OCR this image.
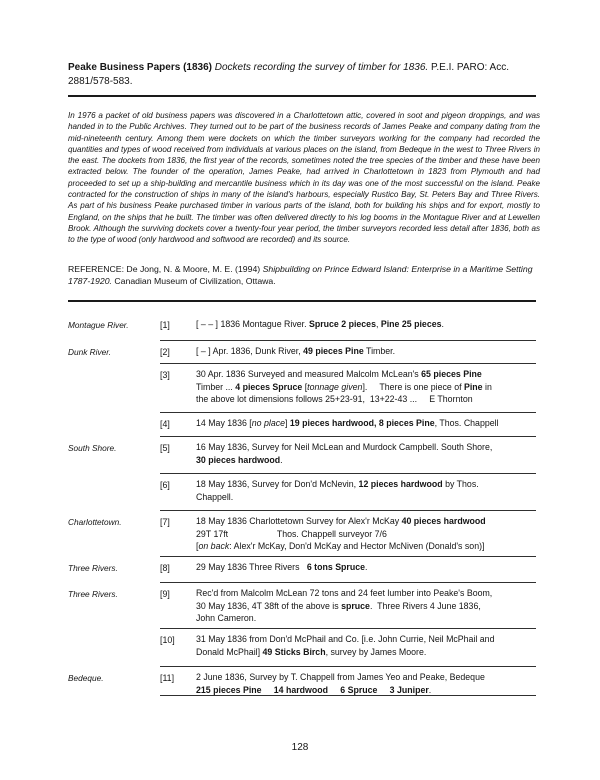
Peake Business Papers (1836) Dockets recording the survey of timber for 1836. P.E.I. PARO: Acc. 2881/578-583.
In 1976 a packet of old business papers was discovered in a Charlottetown attic, covered in soot and pigeon droppings, and was handed in to the Public Archives. They turned out to be part of the business records of James Peake and company dating from the mid-nineteenth century. Among them were dockets on which the timber surveyors working for the company had recorded the quantities and types of wood received from individuals at various places on the island, from Bedeque in the west to Three Rivers in the east. The dockets from 1836, the first year of the records, sometimes noted the tree species of the timber and these have been extracted below. The founder of the operation, James Peake, had arrived in Charlottetown in 1823 from Plymouth and had proceeded to set up a ship-building and mercantile business which in its day was one of the most successful on the island. Peake contracted for the construction of ships in many of the island's harbours, especially Rustico Bay, St. Peters Bay and Three Rivers. As part of his business Peake purchased timber in various parts of the island, both for building his ships and for export, mostly to England, on the ships that he built. The timber was often delivered directly to his log booms in the Montague River and at Lewellen Brook. Although the surviving dockets cover a twenty-four year period, the timber surveyors recorded less detail after 1836, both as to the type of wood (only hardwood and softwood are recorded) and its source.
REFERENCE: De Jong, N. & Moore, M. E. (1994) Shipbuilding on Prince Edward Island: Enterprise in a Maritime Setting 1787-1920. Canadian Museum of Civilization, Ottawa.
Montague River.	[1]	[ – – ] 1836 Montague River. Spruce 2 pieces, Pine 25 pieces.
Dunk River.	[2]	[ – ] Apr. 1836, Dunk River, 49 pieces Pine Timber.
[3]	30 Apr. 1836 Surveyed and measured Malcolm McLean's 65 pieces Pine
Timber ... 4 pieces Spruce [tonnage given].     There is one piece of Pine in
the above lot dimensions follows 25+23-91,  13+22-43 ...     E Thornton
[4]	14 May 1836 [no place] 19 pieces hardwood, 8 pieces Pine, Thos. Chappell
South Shore.	[5]	16 May 1836, Survey for Neil McLean and Murdock Campbell. South Shore,
30 pieces hardwood.
[6]	18 May 1836, Survey for Don'd McNevin, 12 pieces hardwood by Thos.
Chappell.
Charlottetown.	[7]	18 May 1836 Charlottetown Survey for Alex'r McKay 40 pieces hardwood
29T 17ft                    Thos. Chappell surveyor 7/6
[on back: Alex'r McKay, Don'd McKay and Hector McNiven (Donald's son)]
Three Rivers.	[8]	29 May 1836 Three Rivers   6 tons Spruce.
Three Rivers.	[9]	Rec'd from Malcolm McLean 72 tons and 24 feet lumber into Peake's Boom,
30 May 1836, 4T 38ft of the above is spruce.  Three Rivers 4 June 1836,
John Cameron.
[10] 31 May 1836 from Don'd McPhail and Co. [i.e. John Currie, Neil McPhail and
Donald McPhail] 49 Sticks Birch, survey by James Moore.
Bedeque.	[11] 2 June 1836, Survey by T. Chappell from James Yeo and Peake, Bedeque
215 pieces Pine 14 hardwood 6 Spruce 3 Juniper.
128
